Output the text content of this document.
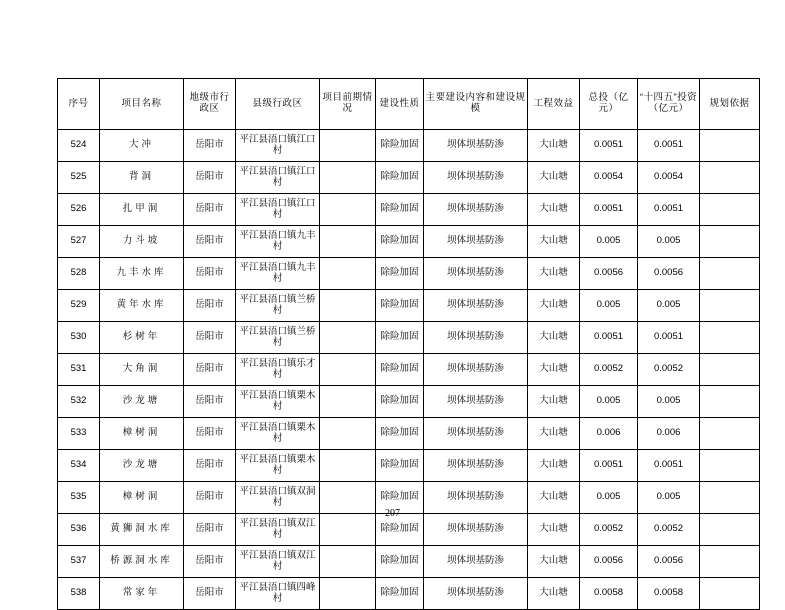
序号	项目名称	地级市行政区	县级行政区	项目前期情况	建设性质	主要建设内容和建设规模	工程效益	总投（亿元）	“十四五”投资（亿元）	规划依据
524	大冲	岳阳市	平江县浯口镇江口村		除险加固	坝体坝基防渗	大山塘	0.0051	0.0051	
525	背洞	岳阳市	平江县浯口镇江口村		除险加固	坝体坝基防渗	大山塘	0.0054	0.0054	
526	扎甲洞	岳阳市	平江县浯口镇江口村		除险加固	坝体坝基防渗	大山塘	0.0051	0.0051	
527	力斗坡	岳阳市	平江县浯口镇九丰村		除险加固	坝体坝基防渗	大山塘	0.005	0.005	
528	九丰水库	岳阳市	平江县浯口镇九丰村		除险加固	坝体坝基防渗	大山塘	0.0056	0.0056	
529	黄年水库	岳阳市	平江县浯口镇兰桥村		除险加固	坝体坝基防渗	大山塘	0.005	0.005	
530	杉树年	岳阳市	平江县浯口镇兰桥村		除险加固	坝体坝基防渗	大山塘	0.0051	0.0051	
531	大角洞	岳阳市	平江县浯口镇乐才村		除险加固	坝体坝基防渗	大山塘	0.0052	0.0052	
532	沙龙塘	岳阳市	平江县浯口镇栗木村		除险加固	坝体坝基防渗	大山塘	0.005	0.005	
533	樟树洞	岳阳市	平江县浯口镇栗木村		除险加固	坝体坝基防渗	大山塘	0.006	0.006	
534	沙龙塘	岳阳市	平江县浯口镇栗木村		除险加固	坝体坝基防渗	大山塘	0.0051	0.0051	
535	樟树洞	岳阳市	平江县浯口镇双洞村		除险加固	坝体坝基防渗	大山塘	0.005	0.005	
536	黄狮洞水库	岳阳市	平江县浯口镇双江村		除险加固	坝体坝基防渗	大山塘	0.0052	0.0052	
537	桥源洞水库	岳阳市	平江县浯口镇双江村		除险加固	坝体坝基防渗	大山塘	0.0056	0.0056	
538	常家年	岳阳市	平江县浯口镇四峰村		除险加固	坝体坝基防渗	大山塘	0.0058	0.0058	
207
